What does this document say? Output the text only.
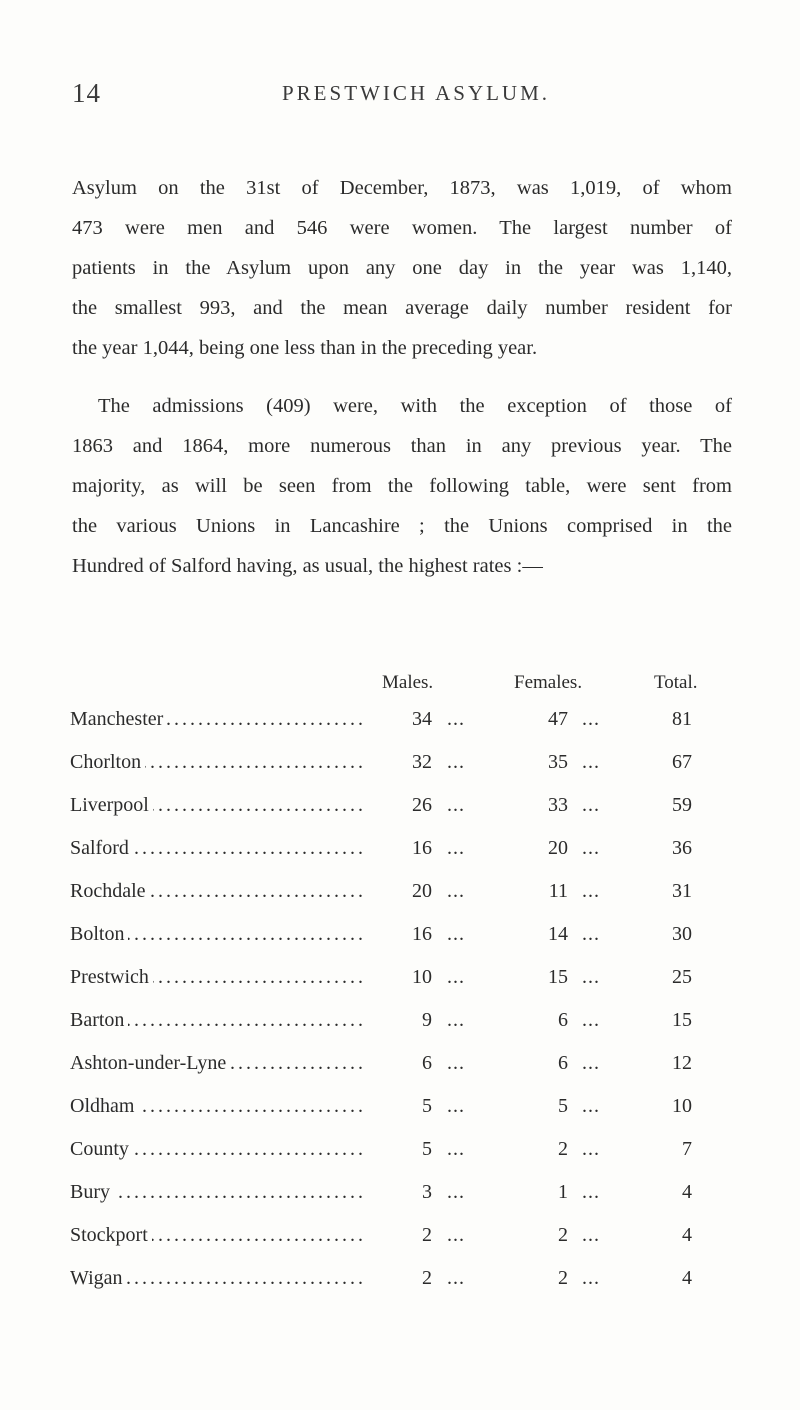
14	PRESTWICH ASYLUM.

Asylum on the 31st of December, 1873, was 1,019, of whom
473 were men and 546 were women. The largest number of
patients in the Asylum upon any one day in the year was 1,140,
the smallest 993, and the mean average daily number resident for
the year 1,044, being one less than in the preceding year.

The admissions (409) were, with the exception of those of
1863 and 1864, more numerous than in any previous year. The
majority, as will be seen from the following table, were sent from
the various Unions in Lancashire ; the Unions comprised in the
Hundred of Salford having, as usual, the highest rates :—

Males.	Females.	Total.
Manchester . . .	34 ...	47 ...	81
Chorlton . . .	32 ...	35 ...	67
Liverpool . . .	26 ...	33 ...	59
Salford . . .	16 ...	20 ...	36
Rochdale . . .	20 ...	11 ...	31
Bolton . . .	16 ...	14 ...	30
Prestwich . . .	10 ...	15 ...	25
Barton . . .	9 ...	6 ...	15
Ashton-under-Lyne . . .	6 ...	6 ...	12
Oldham . . .	5 ...	5 ...	10
County . . .	5 ...	2 ...	7
Bury . . .	3 ...	1 ...	4
Stockport . . .	2 ...	2 ...	4
Wigan . . .	2 ...	2 ...	4
